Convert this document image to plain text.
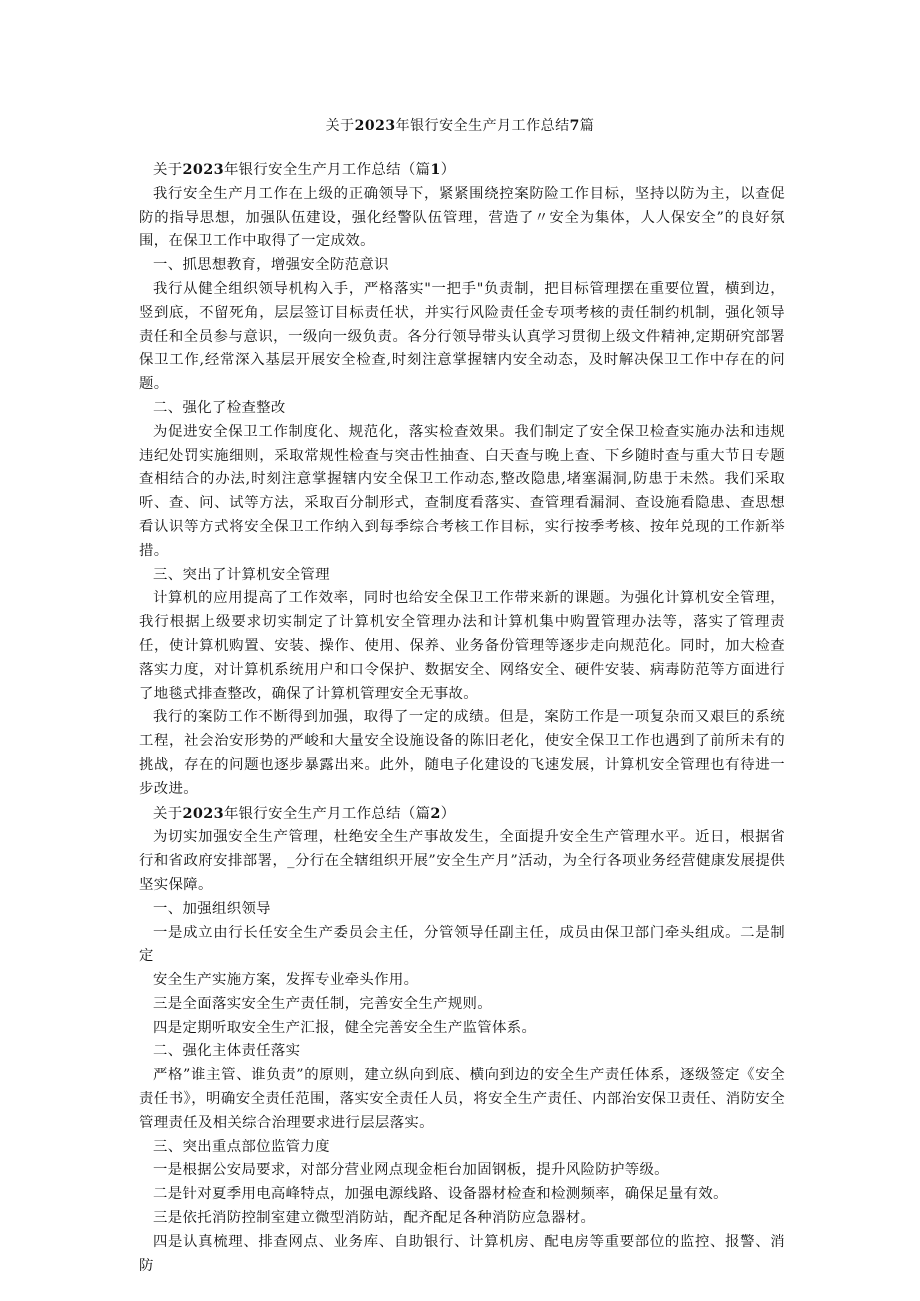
关于2023年银行安全生产月工作总结7篇

关于2023年银行安全生产月工作总结（篇1）

我行安全生产月工作在上级的正确领导下，紧紧围绕控案防险工作目标，坚持以防为主，以查促防的指导思想，加强队伍建设，强化经警队伍管理，营造了〃安全为集体，人人保安全”的良好氛围，在保卫工作中取得了一定成效。

一、抓思想教育，增强安全防范意识

我行从健全组织领导机构入手，严格落实"一把手"负责制，把目标管理摆在重要位置，横到边，竖到底，不留死角，层层签订目标责任状，并实行风险责任金专项考核的责任制约机制，强化领导责任和全员参与意识，一级向一级负责。各分行领导带头认真学习贯彻上级文件精神,定期研究部署保卫工作,经常深入基层开展安全检查,时刻注意掌握辖内安全动态，及时解决保卫工作中存在的问题。

二、强化了检查整改

为促进安全保卫工作制度化、规范化，落实检查效果。我们制定了安全保卫检查实施办法和违规违纪处罚实施细则，采取常规性检查与突击性抽查、白天查与晚上查、下乡随时查与重大节日专题查相结合的办法,时刻注意掌握辖内安全保卫工作动态,整改隐患,堵塞漏洞,防患于未然。我们采取听、查、问、试等方法，采取百分制形式，查制度看落实、查管理看漏洞、查设施看隐患、查思想看认识等方式将安全保卫工作纳入到每季综合考核工作目标，实行按季考核、按年兑现的工作新举措。

三、突出了计算机安全管理

计算机的应用提高了工作效率，同时也给安全保卫工作带来新的课题。为强化计算机安全管理，我行根据上级要求切实制定了计算机安全管理办法和计算机集中购置管理办法等，落实了管理责任，使计算机购置、安装、操作、使用、保养、业务备份管理等逐步走向规范化。同时，加大检查落实力度，对计算机系统用户和口令保护、数据安全、网络安全、硬件安装、病毒防范等方面进行了地毯式排查整改，确保了计算机管理安全无事故。

我行的案防工作不断得到加强，取得了一定的成绩。但是，案防工作是一项复杂而又艰巨的系统工程，社会治安形势的严峻和大量安全设施设备的陈旧老化，使安全保卫工作也遇到了前所未有的挑战，存在的问题也逐步暴露出来。此外，随电子化建设的飞速发展，计算机安全管理也有待进一步改进。

关于2023年银行安全生产月工作总结（篇2）

为切实加强安全生产管理，杜绝安全生产事故发生，全面提升安全生产管理水平。近日，根据省行和省政府安排部署，_分行在全辖组织开展”安全生产月”活动，为全行各项业务经营健康发展提供坚实保障。

一、加强组织领导

一是成立由行长任安全生产委员会主任，分管领导任副主任，成员由保卫部门牵头组成。二是制定

安全生产实施方案，发挥专业牵头作用。

三是全面落实安全生产责任制，完善安全生产规则。

四是定期听取安全生产汇报，健全完善安全生产监管体系。

二、强化主体责任落实

严格”谁主管、谁负责”的原则，建立纵向到底、横向到边的安全生产责任体系，逐级签定《安全责任书》，明确安全责任范围，落实安全责任人员，将安全生产责任、内部治安保卫责任、消防安全管理责任及相关综合治理要求进行层层落实。

三、突出重点部位监管力度

一是根据公安局要求，对部分营业网点现金柜台加固钢板，提升风险防护等级。

二是针对夏季用电高峰特点，加强电源线路、设备器材检查和检测频率，确保足量有效。

三是依托消防控制室建立微型消防站，配齐配足各种消防应急器材。

四是认真梳理、排查网点、业务库、自助银行、计算机房、配电房等重要部位的监控、报警、消防
